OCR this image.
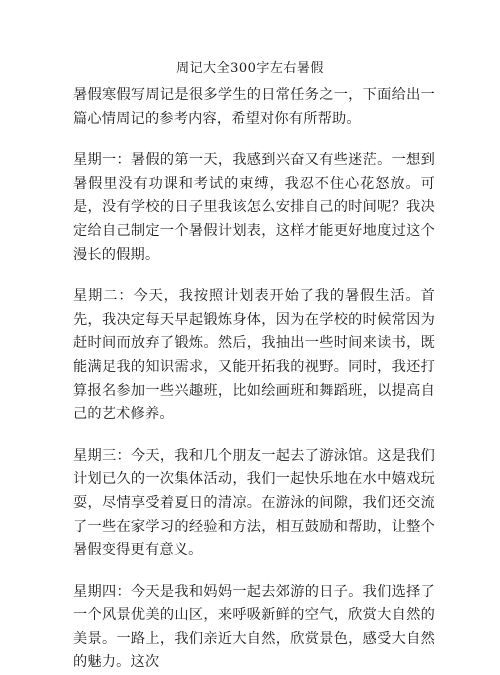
周记大全300字左右暑假

暑假寒假写周记是很多学生的日常任务之一，下面给出一篇心情周记的参考内容，希望对你有所帮助。

星期一：暑假的第一天，我感到兴奋又有些迷茫。一想到暑假里没有功课和考试的束缚，我忍不住心花怒放。可是，没有学校的日子里我该怎么安排自己的时间呢？我决定给自己制定一个暑假计划表，这样才能更好地度过这个漫长的假期。

星期二：今天，我按照计划表开始了我的暑假生活。首先，我决定每天早起锻炼身体，因为在学校的时候常因为赶时间而放弃了锻炼。然后，我抽出一些时间来读书，既能满足我的知识需求，又能开拓我的视野。同时，我还打算报名参加一些兴趣班，比如绘画班和舞蹈班，以提高自己的艺术修养。

星期三：今天，我和几个朋友一起去了游泳馆。这是我们计划已久的一次集体活动，我们一起快乐地在水中嬉戏玩耍，尽情享受着夏日的清凉。在游泳的间隙，我们还交流了一些在家学习的经验和方法，相互鼓励和帮助，让整个暑假变得更有意义。

星期四：今天是我和妈妈一起去郊游的日子。我们选择了一个风景优美的山区，来呼吸新鲜的空气，欣赏大自然的美景。一路上，我们亲近大自然，欣赏景色，感受大自然的魅力。这次
